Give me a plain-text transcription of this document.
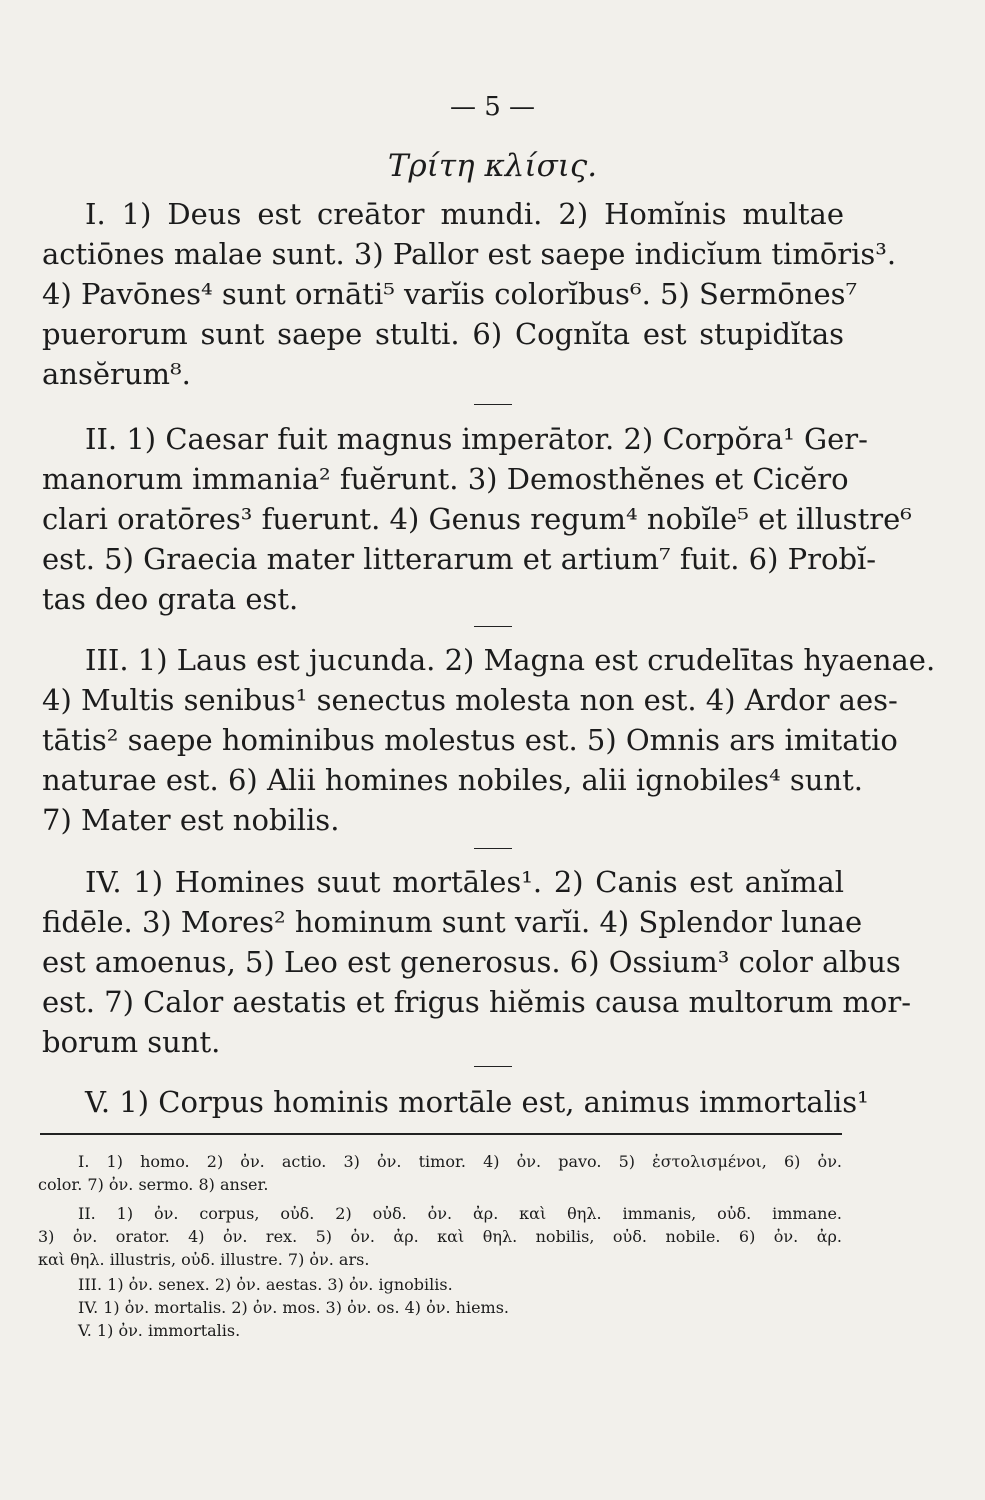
— 5 —
Τρίτη κλίσις.
I. 1) Deus est creātor mundi. 2) Homĭnis multae
actiōnes malae sunt. 3) Pallor est saepe indicĭum timōris³.
4) Pavōnes⁴ sunt ornāti⁵ varĭis colorĭbus⁶. 5) Sermōnes⁷
puerorum sunt saepe stulti. 6) Cognĭta est stupidĭtas
ansĕrum⁸.
II. 1) Caesar fuit magnus imperātor. 2) Corpŏra¹ Ger-
manorum immania² fuĕrunt. 3) Demosthĕnes et Cicĕro
clari oratōres³ fuerunt. 4) Genus regum⁴ nobĭle⁵ et illustre⁶
est. 5) Graecia mater litterarum et artium⁷ fuit. 6) Probĭ-
tas deo grata est.
III. 1) Laus est jucunda. 2) Magna est crudelītas hyaenae.
4) Multis senibus¹ senectus molesta non est. 4) Ardor aes-
tātis² saepe hominibus molestus est. 5) Omnis ars imitatio
naturae est. 6) Alii homines nobiles, alii ignobiles⁴ sunt.
7) Mater est nobilis.
IV. 1) Homines suut mortāles¹. 2) Canis est anĭmal
fidēle. 3) Mores² hominum sunt varĭi. 4) Splendor lunae
est amoenus, 5) Leo est generosus. 6) Ossium³ color albus
est. 7) Calor aestatis et frigus hiĕmis causa multorum mor-
borum sunt.
V. 1) Corpus hominis mortāle est, animus immortalis¹
I. 1) homo. 2) ὀν. actio. 3) ὀν. timor. 4) ὀν. pavo. 5) ἐστολισμένοι, 6) ὀν.
color. 7) ὀν. sermo. 8) anser.
II. 1) ὀν. corpus, οὐδ. 2) οὐδ. ὀν. ἀρ. καὶ θηλ. immanis, οὐδ. immane.
3) ὀν. orator. 4) ὀν. rex. 5) ὀν. ἀρ. καὶ θηλ. nobilis, οὐδ. nobile. 6) ὀν. ἀρ.
καὶ θηλ. illustris, οὐδ. illustre. 7) ὀν. ars.
III. 1) ὀν. senex. 2) ὀν. aestas. 3) ὀν. ignobilis.
IV. 1) ὀν. mortalis. 2) ὀν. mos. 3) ὀν. os. 4) ὀν. hiems.
V. 1) ὀν. immortalis.
